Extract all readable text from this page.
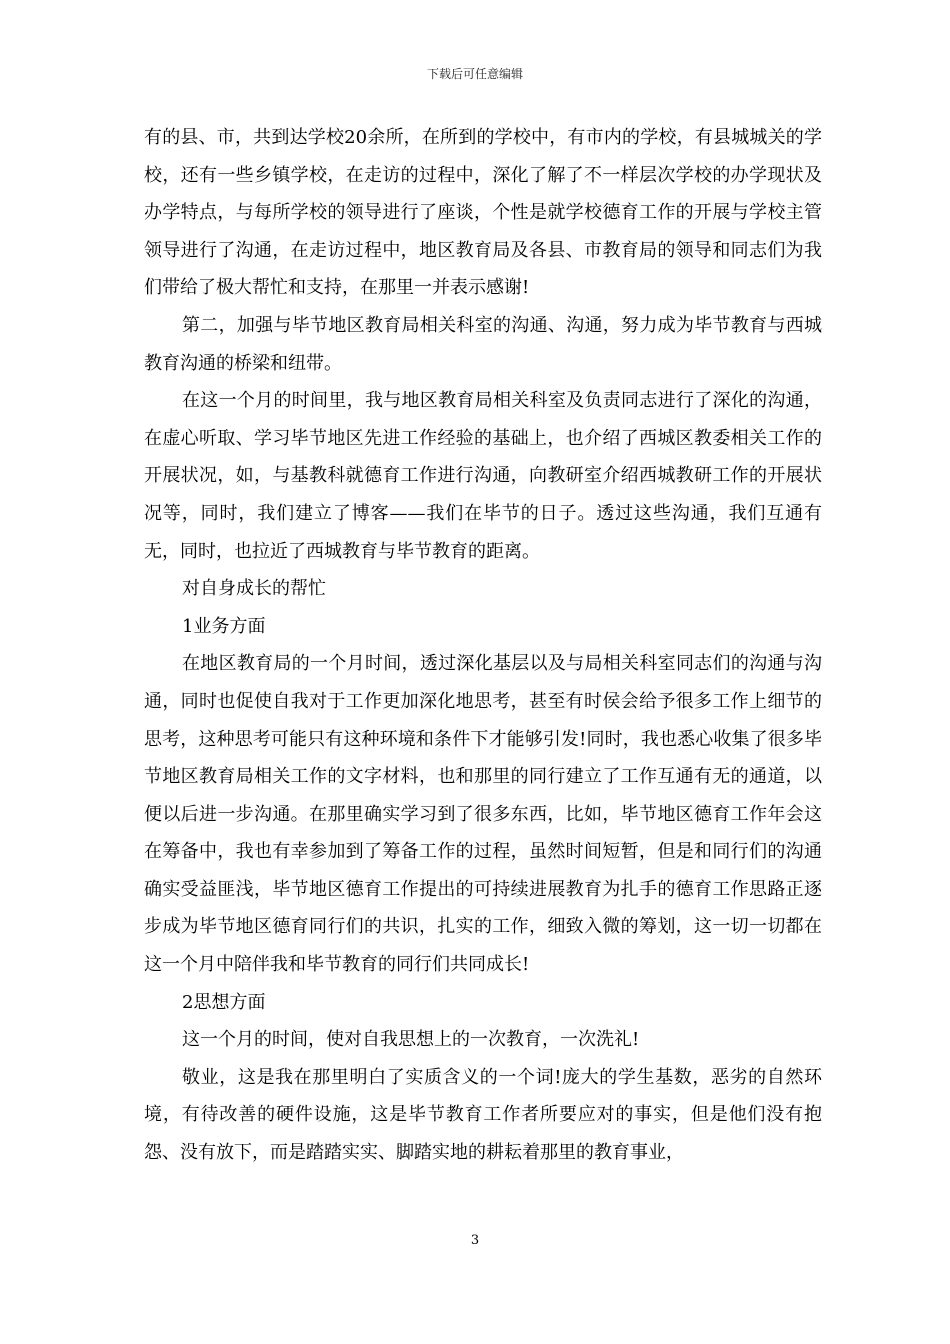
下载后可任意编辑

有的县、市，共到达学校20余所，在所到的学校中，有市内的学校，有县城城关的学校，还有一些乡镇学校，在走访的过程中，深化了解了不一样层次学校的办学现状及办学特点，与每所学校的领导进行了座谈，个性是就学校德育工作的开展与学校主管领导进行了沟通，在走访过程中，地区教育局及各县、市教育局的领导和同志们为我们带给了极大帮忙和支持，在那里一并表示感谢!

第二，加强与毕节地区教育局相关科室的沟通、沟通，努力成为毕节教育与西城教育沟通的桥梁和纽带。

在这一个月的时间里，我与地区教育局相关科室及负责同志进行了深化的沟通，在虚心听取、学习毕节地区先进工作经验的基础上，也介绍了西城区教委相关工作的开展状况，如，与基教科就德育工作进行沟通，向教研室介绍西城教研工作的开展状况等，同时，我们建立了博客——我们在毕节的日子。透过这些沟通，我们互通有无，同时，也拉近了西城教育与毕节教育的距离。

对自身成长的帮忙

1业务方面

在地区教育局的一个月时间，透过深化基层以及与局相关科室同志们的沟通与沟通，同时也促使自我对于工作更加深化地思考，甚至有时侯会给予很多工作上细节的思考，这种思考可能只有这种环境和条件下才能够引发!同时，我也悉心收集了很多毕节地区教育局相关工作的文字材料，也和那里的同行建立了工作互通有无的通道，以便以后进一步沟通。在那里确实学习到了很多东西，比如，毕节地区德育工作年会这在筹备中，我也有幸参加到了筹备工作的过程，虽然时间短暂，但是和同行们的沟通确实受益匪浅，毕节地区德育工作提出的可持续进展教育为扎手的德育工作思路正逐步成为毕节地区德育同行们的共识，扎实的工作，细致入微的筹划，这一切一切都在这一个月中陪伴我和毕节教育的同行们共同成长!

2思想方面

这一个月的时间，使对自我思想上的一次教育，一次洗礼!

敬业，这是我在那里明白了实质含义的一个词!庞大的学生基数，恶劣的自然环境，有待改善的硬件设施，这是毕节教育工作者所要应对的事实，但是他们没有抱怨、没有放下，而是踏踏实实、脚踏实地的耕耘着那里的教育事业，

3
